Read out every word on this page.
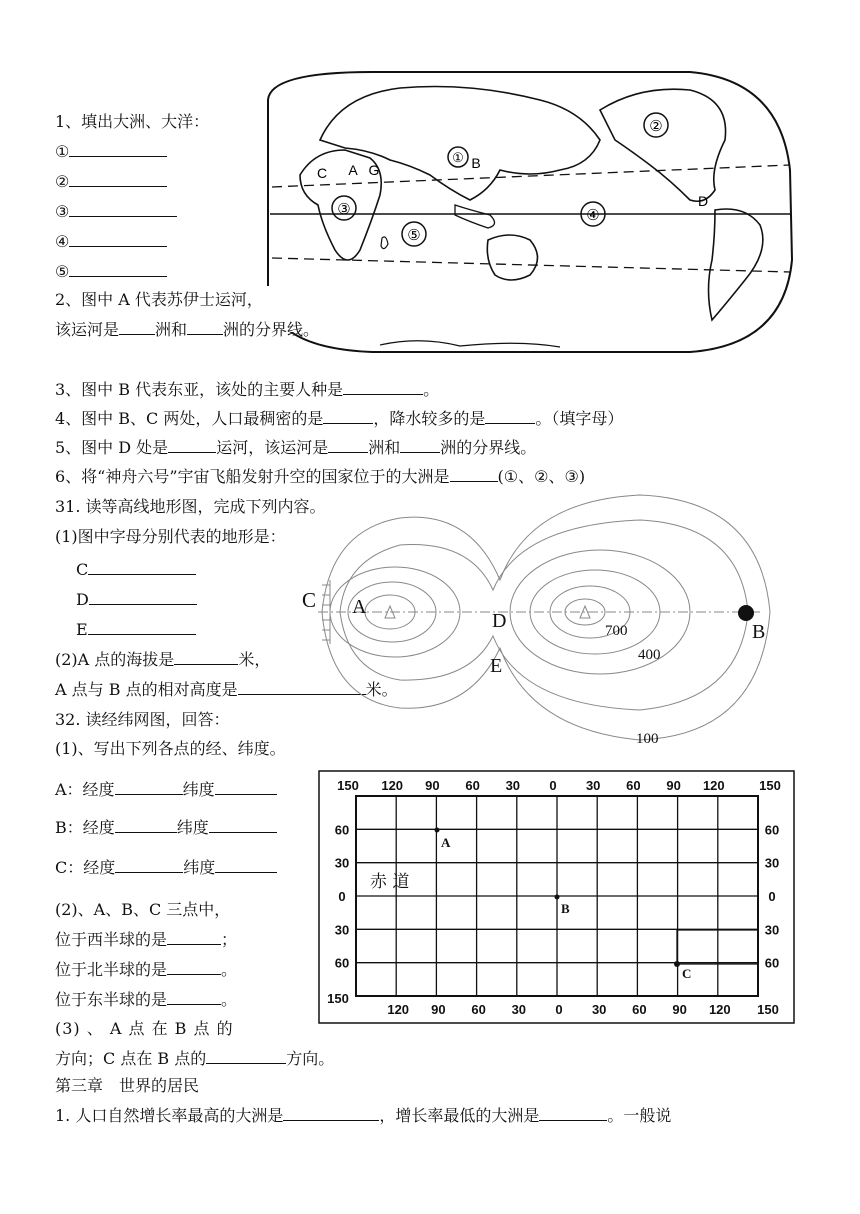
①
②
③	④
⑤
C A G	B
D
1、填出大洲、大洋：
①
②
③
④
⑤
2、图中 A 代表苏伊士运河，
该运河是 洲和 洲的分界线。
3、图中 B 代表东亚，该处的主要人种是	。
4、图中 B、C 两处，人口最稠密的是	，降水较多的是	。（填字母）
5、图中 D 处是	运河，该运河是	洲和	洲的分界线。
6、将“神舟六号”宇宙飞船发射升空的国家位于的大洲是	(①、②、③)
31. 读等高线地形图，完成下列内容。
(1)图中字母分别代表的地形是：
C
D
E
(2)A 点的海拔是	米，
A 点与 B 点的相对高度是	米。
C A
D
E
B
700
400
100
32. 读经纬网图，回答：
(1)、写出下列各点的经、纬度。
A：经度	纬度
B：经度	纬度
C：经度	纬度
(2)、A、B、C 三点中，
位于西半球的是	；
位于北半球的是	。
位于东半球的是	。
(3) 、 A 点 在 B 点 的
方向；C 点在 B 点的	方向。
150 120 90 60 30 0 30 60 90 120	150
150
120 90 60 30 0 30 60 90 120 150
60
30
0
30
60
60
30
0
30
60
A
B
C
赤 道
第三章　世界的居民
1. 人口自然增长率最高的大洲是	，增长率最低的大洲是	。一般说
